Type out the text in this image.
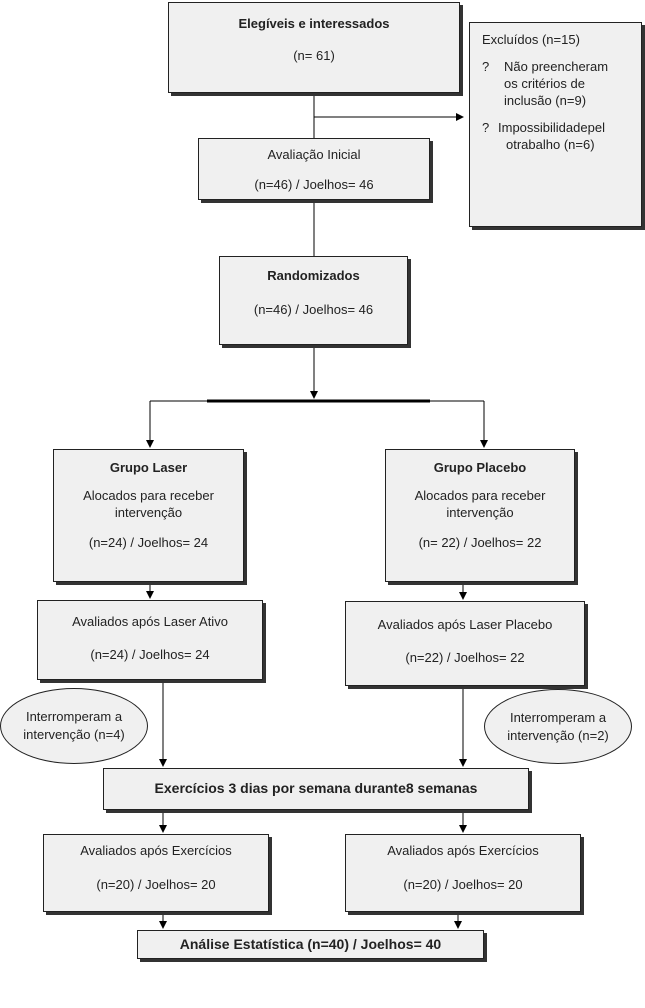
Elegíveis e interessados
(n= 61)
Excluídos (n=15)
?	Não preencheram
os critérios de
inclusão (n=9)
? Impossibilidadepel
otrabalho (n=6)
Avaliação Inicial
(n=46) / Joelhos= 46
Randomizados
(n=46) / Joelhos= 46
Grupo Laser
Alocados para receber
intervenção
(n=24) / Joelhos= 24
Grupo Placebo
Alocados para receber
intervenção
(n= 22) / Joelhos= 22
Avaliados após Laser Ativo
(n=24) / Joelhos= 24
Avaliados após Laser Placebo
(n=22) / Joelhos= 22
Interromperam a
intervenção (n=4)
Interromperam a
intervenção (n=2)
Exercícios 3 dias por semana durante8 semanas
Avaliados após Exercícios
(n=20) / Joelhos= 20
Avaliados após Exercícios
(n=20) / Joelhos= 20
Análise Estatística (n=40) / Joelhos= 40
